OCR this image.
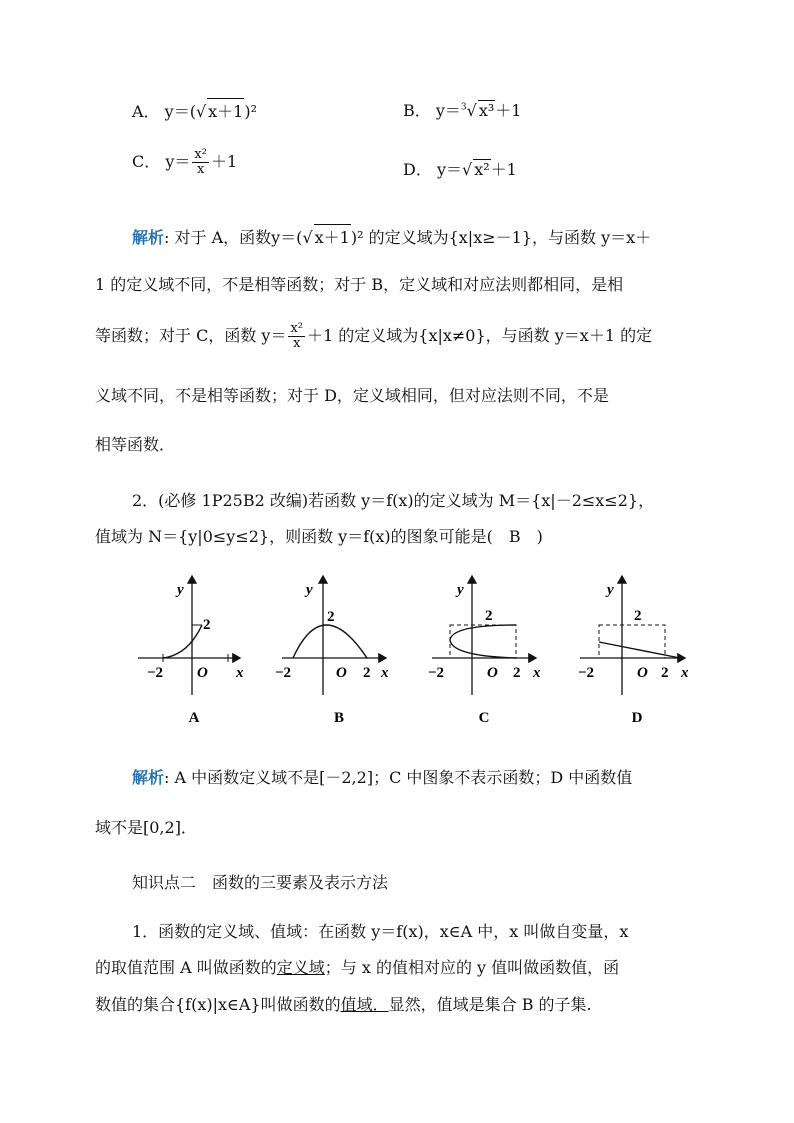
A． y＝(√ x＋1)²	B． y＝$^3$√ x³＋1
C． $y= \frac{\text{x²}}{x} +1$	D． y＝√ x²＋1
解析: 对于 A，函数y＝(√ x＋1)² 的定义域为{x|x≥－1}，与函数 y＝x＋
1 的定义域不同，不是相等函数；对于 B，定义域和对应法则都相同，是相
等函数；对于 C，函数 $y= \frac{\text{x²}}{x} +1$ 的定义域为{x|x≠0}，与函数 y＝x＋1 的定
义域不同，不是相等函数；对于 D，定义域相同，但对应法则不同，不是
相等函数．
2．(必修 1P25B2 改编)若函数 y＝f(x)的定义域为 M＝{x|－2≤x≤2}，
值域为 N＝{y|0≤y≤2}，则函数 y＝f(x)的图象可能是(　B　)
y
2
−2 O x
A
y
2
−2	O 2 x
B
y
2
−2	O 2 x
C
y
2
−2	O 2 x
D
解析: A 中函数定义域不是[－2,2]；C 中图象不表示函数；D 中函数值
域不是[0,2]．
知识点二　函数的三要素及表示方法
1．函数的定义域、值域：在函数 y＝f(x)，x∈A 中，x 叫做自变量，x
的取值范围 A 叫做函数的定义域；与 x 的值相对应的 y 值叫做函数值，函
数值的集合{f(x)|x∈A}叫做函数的值域．显然，值域是集合 B 的子集.
